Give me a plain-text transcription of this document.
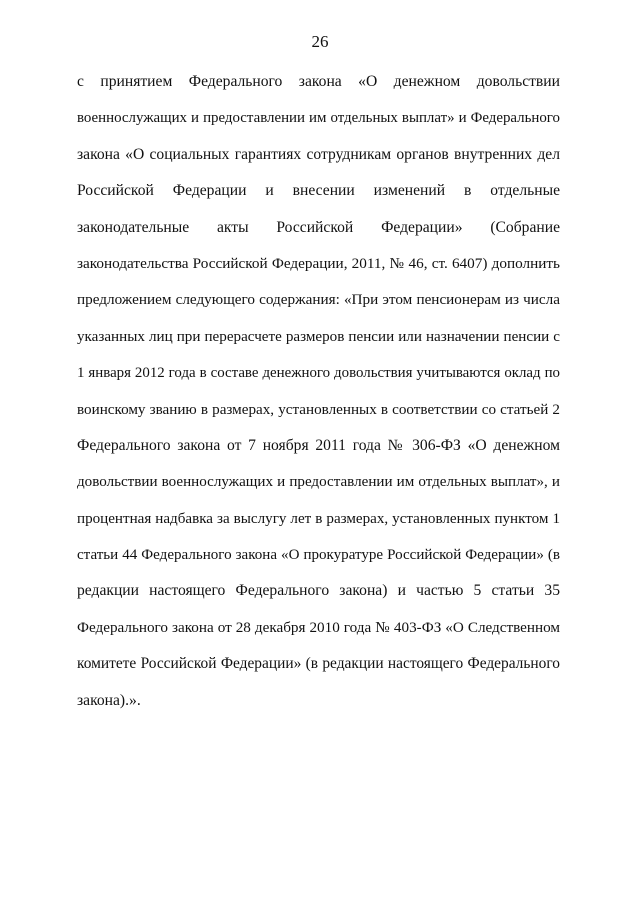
26
с принятием Федерального закона «О денежном довольствии
военнослужащих и предоставлении им отдельных выплат» и Федерального
закона «О социальных гарантиях сотрудникам органов внутренних дел
Российской Федерации и внесении изменений в отдельные
законодательные акты Российской Федерации» (Собрание
законодательства Российской Федерации, 2011, № 46, ст. 6407) дополнить
предложением следующего содержания: «При этом пенсионерам из числа
указанных лиц при перерасчете размеров пенсии или назначении пенсии с
1 января 2012 года в составе денежного довольствия учитываются оклад по
воинскому званию в размерах, установленных в соответствии со статьей 2
Федерального закона от 7 ноября 2011 года № 306-ФЗ «О денежном
довольствии военнослужащих и предоставлении им отдельных выплат», и
процентная надбавка за выслугу лет в размерах, установленных пунктом 1
статьи 44 Федерального закона «О прокуратуре Российской Федерации» (в
редакции настоящего Федерального закона) и частью 5 статьи 35
Федерального закона от 28 декабря 2010 года № 403-ФЗ «О Следственном
комитете Российской Федерации» (в редакции настоящего Федерального
закона).».
